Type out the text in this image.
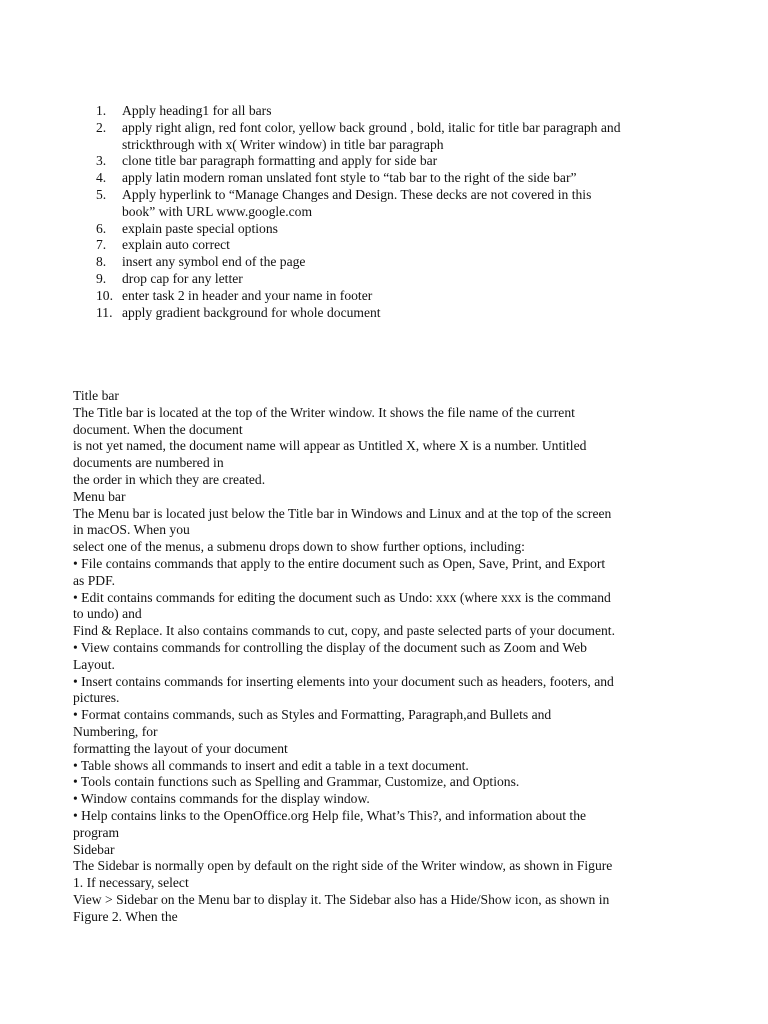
1. Apply heading1 for all bars
2. apply right align, red font color, yellow back ground , bold, italic for title bar paragraph and
strickthrough with x( Writer window) in title bar paragraph
3. clone title bar paragraph formatting and apply for side bar
4. apply latin modern roman unslated font style to “tab bar to the right of the side bar”
5. Apply hyperlink to “Manage Changes and Design. These decks are not covered in this
book” with URL www.google.com
6. explain paste special options
7. explain auto correct
8. insert any symbol end of the page
9. drop cap for any letter
10. enter task 2 in header and your name in footer
11. apply gradient background for whole document
Title bar
The Title bar is located at the top of the Writer window. It shows the file name of the current
document. When the document
is not yet named, the document name will appear as Untitled X, where X is a number. Untitled
documents are numbered in
the order in which they are created.
Menu bar
The Menu bar is located just below the Title bar in Windows and Linux and at the top of the screen
in macOS. When you
select one of the menus, a submenu drops down to show further options, including:
• File contains commands that apply to the entire document such as Open, Save, Print, and Export
as PDF.
• Edit contains commands for editing the document such as Undo: xxx (where xxx is the command
to undo) and
Find & Replace. It also contains commands to cut, copy, and paste selected parts of your document.
• View contains commands for controlling the display of the document such as Zoom and Web
Layout.
• Insert contains commands for inserting elements into your document such as headers, footers, and
pictures.
• Format contains commands, such as Styles and Formatting, Paragraph,and Bullets and
Numbering, for
formatting the layout of your document
• Table shows all commands to insert and edit a table in a text document.
• Tools contain functions such as Spelling and Grammar, Customize, and Options.
• Window contains commands for the display window.
• Help contains links to the OpenOffice.org Help file, What’s This?, and information about the
program
Sidebar
The Sidebar is normally open by default on the right side of the Writer window, as shown in Figure
1. If necessary, select
View > Sidebar on the Menu bar to display it. The Sidebar also has a Hide/Show icon, as shown in
Figure 2. When the
